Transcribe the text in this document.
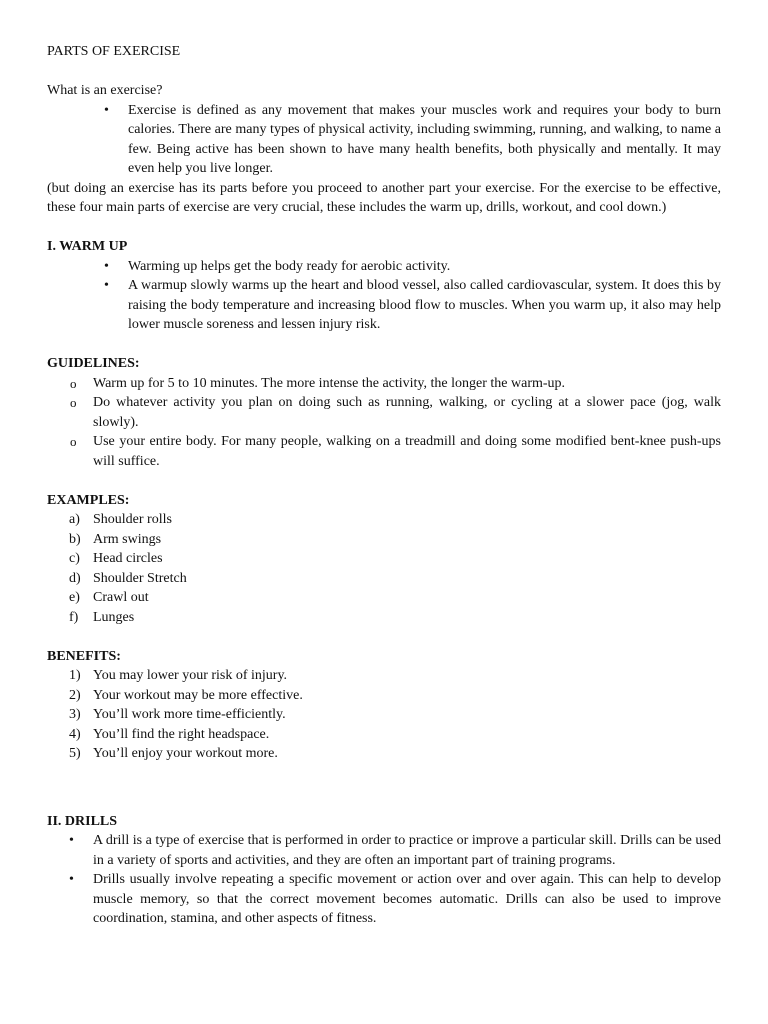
PARTS OF EXERCISE

What is an exercise?

• Exercise is defined as any movement that makes your muscles work and requires your body to burn calories. There are many types of physical activity, including swimming, running, and walking, to name a few. Being active has been shown to have many health benefits, both physically and mentally. It may even help you live longer.

(but doing an exercise has its parts before you proceed to another part your exercise. For the exercise to be effective, these four main parts of exercise are very crucial, these includes the warm up, drills, workout, and cool down.)

I. WARM UP
• Warming up helps get the body ready for aerobic activity.
• A warmup slowly warms up the heart and blood vessel, also called cardiovascular, system. It does this by raising the body temperature and increasing blood flow to muscles. When you warm up, it also may help lower muscle soreness and lessen injury risk.
GUIDELINES:
o Warm up for 5 to 10 minutes. The more intense the activity, the longer the warm-up.
o Do whatever activity you plan on doing such as running, walking, or cycling at a slower pace (jog, walk slowly).
o Use your entire body. For many people, walking on a treadmill and doing some modified bent-knee push-ups will suffice.
EXAMPLES:
a) Shoulder rolls
b) Arm swings
c) Head circles
d) Shoulder Stretch
e) Crawl out
f) Lunges
BENEFITS:
1) You may lower your risk of injury.
2) Your workout may be more effective.
3) You’ll work more time-efficiently.
4) You’ll find the right headspace.
5) You’ll enjoy your workout more.
II. DRILLS
• A drill is a type of exercise that is performed in order to practice or improve a particular skill. Drills can be used in a variety of sports and activities, and they are often an important part of training programs.
• Drills usually involve repeating a specific movement or action over and over again. This can help to develop muscle memory, so that the correct movement becomes automatic. Drills can also be used to improve coordination, stamina, and other aspects of fitness.
